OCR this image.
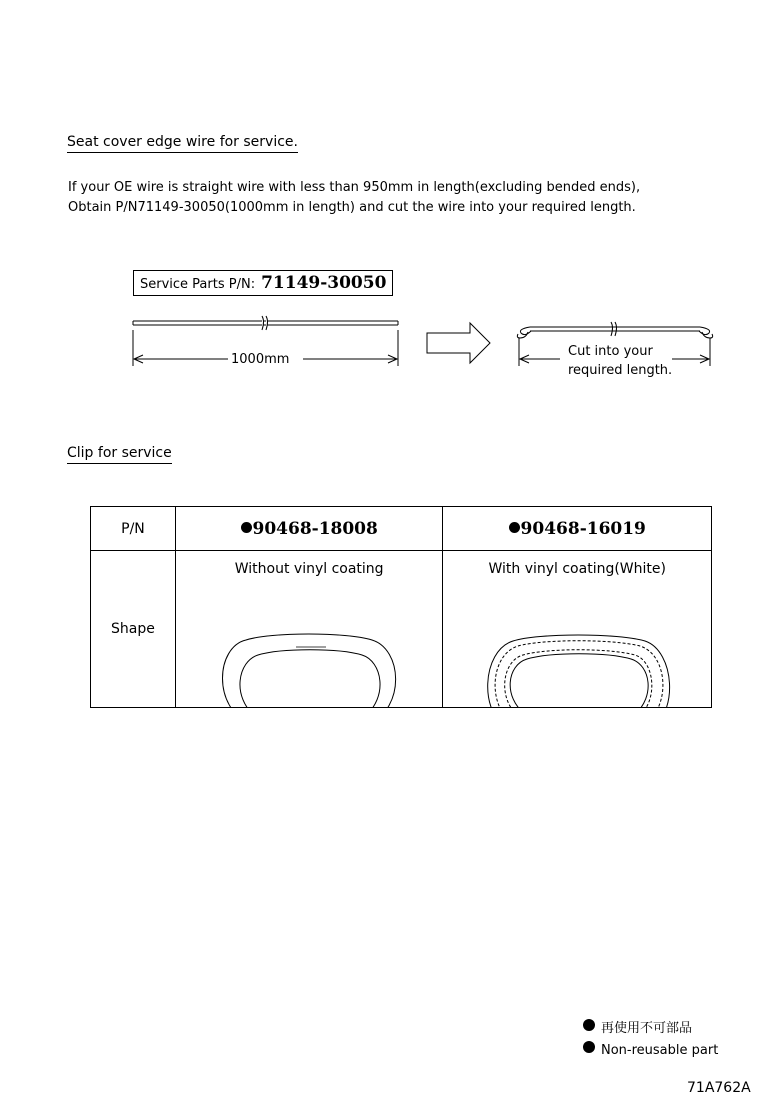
Seat cover edge wire for service.
If your OE wire is straight wire with less than 950mm in length(excluding bended ends),
Obtain P/N71149-30050(1000mm in length) and cut the wire into your required length.
Service Parts P/N: 71149-30050
1000mm
Cut into your
required length.
Clip for service
P/N	90468-18008	90468-16019
Shape	Without vinyl coating	With vinyl coating(White)
再使用不可部品
Non-reusable part
71A762A
